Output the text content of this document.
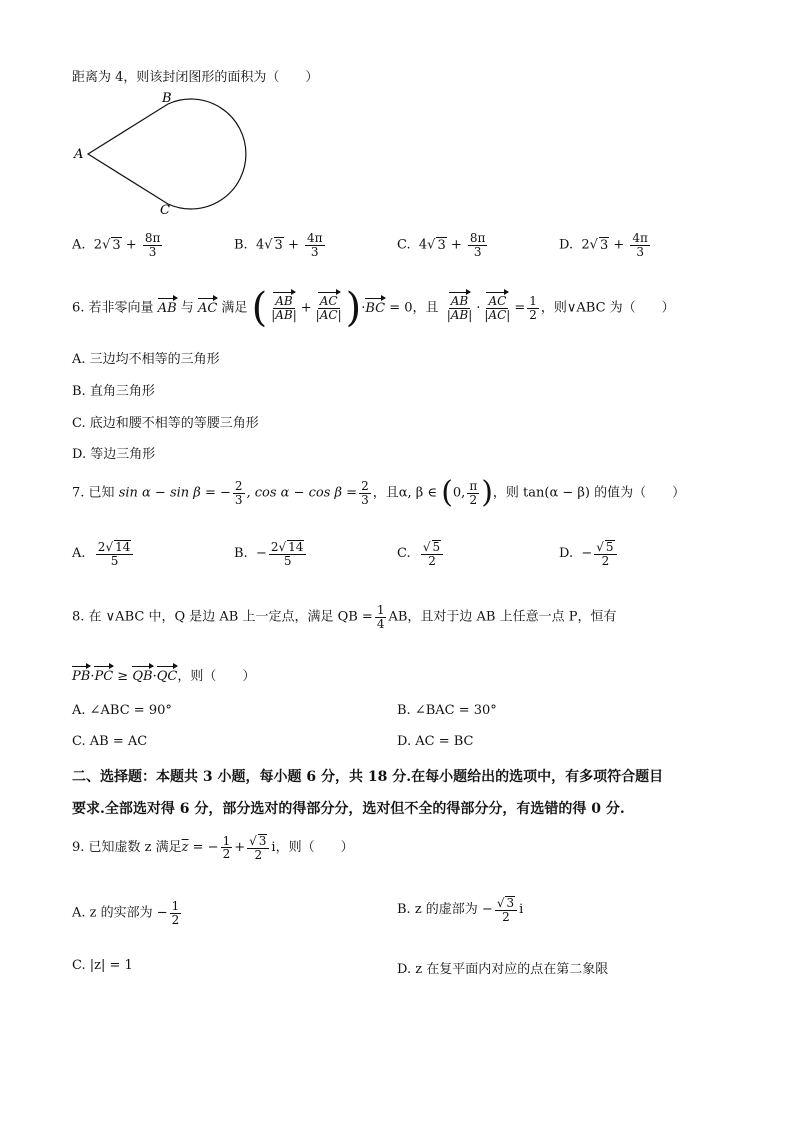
距离为 4，则该封闭图形的面积为（　　）
A
B
C
A. 2√ $3 + \frac{8\pi}{3}$	B. 4√ $3 + \frac{4\pi}{3}$	C. 4√ $3 + \frac{8\pi}{3}$	D. 2√ $3 + \frac{4\pi}{3}$
6. 若非零向量 AB 与 AC 满足 ( $\frac{AB}{|AB|} + \frac{AC}{|AC|} )\cdot BC = 0$，且 $\frac{AB}{|AB|} \cdot \frac{AC}{|AC|} = \frac{1}{2}$ ，则∨ABC 为（　　）
A. 三边均不相等的三角形
B. 直角三角形
C. 底边和腰不相等的等腰三角形
D. 等边三角形
7. 已知 sin α − sin β = − $\frac{2}{3}$ , $\cos \alpha - \cos \beta = \frac{2}{3}$ ，且α, β ∈ (0, $\frac{\pi}{2}$ )，则 tan(α − β) 的值为（　　）
A. $\frac{2√ 14}{5}$	B. − $\frac{2√ 14}{5}$	C. $\frac{√ 5}{2}$	D. − $\frac{√ 5}{2}$
8. 在 ∨ABC 中，Q 是边 AB 上一定点，满足 QB = $\frac{1}{4}$ AB，且对于边 AB 上任意一点 P，恒有
PB·PC ≥ QB·QC，则（　　）
A. ∠ABC = 90°	B. ∠BAC = 30°
C. AB = AC	D. AC = BC
二、选择题：本题共 3 小题，每小题 6 分，共 18 分.在每小题给出的选项中，有多项符合题目
要求.全部选对得 6 分，部分选对的得部分分，选对但不全的得部分分，有选错的得 0 分.
9. 已知虚数 z 满足$\overline{z}$ = − $\frac{1}{2} + \frac{√ 3}{2}$ i，则（　　）
A. z 的实部为 − $\frac{1}{2}$	B. z 的虚部为 − $\frac{√ 3}{2}$ i
C. |z| = 1	D. z 在复平面内对应的点在第二象限
